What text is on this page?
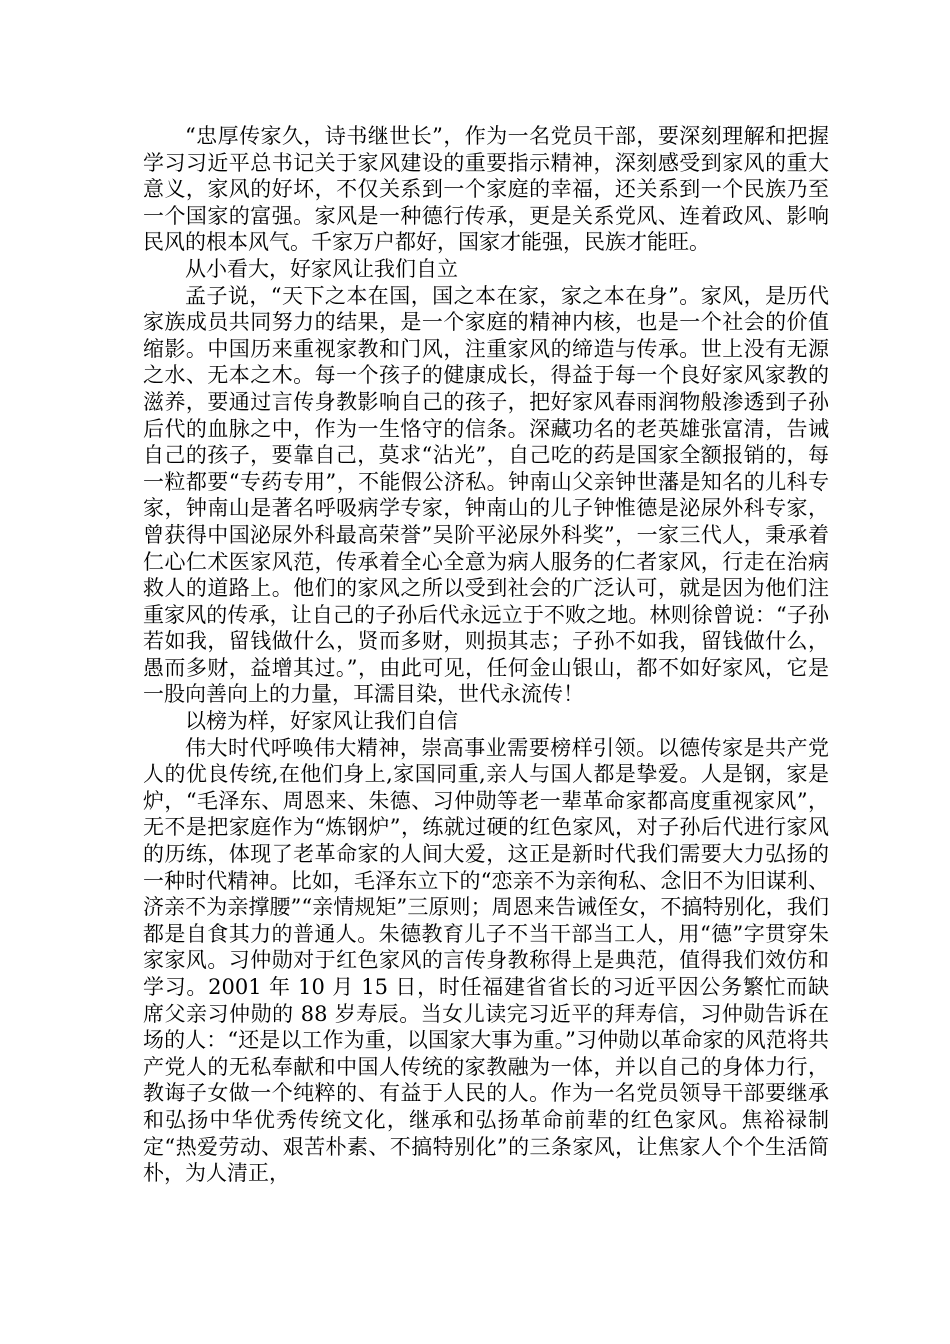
“忠厚传家久，诗书继世长”，作为一名党员干部，要深刻理解和把握学习习近平总书记关于家风建设的重要指示精神，深刻感受到家风的重大意义，家风的好坏，不仅关系到一个家庭的幸福，还关系到一个民族乃至一个国家的富强。家风是一种德行传承，更是关系党风、连着政风、影响民风的根本风气。千家万户都好，国家才能强，民族才能旺。

从小看大，好家风让我们自立

孟子说，“天下之本在国，国之本在家，家之本在身”。家风，是历代家族成员共同努力的结果，是一个家庭的精神内核，也是一个社会的价值缩影。中国历来重视家教和门风，注重家风的缔造与传承。世上没有无源之水、无本之木。每一个孩子的健康成长，得益于每一个良好家风家教的滋养，要通过言传身教影响自己的孩子，把好家风春雨润物般渗透到子孙后代的血脉之中，作为一生恪守的信条。深藏功名的老英雄张富清，告诫自己的孩子，要靠自己，莫求“沾光”，自己吃的药是国家全额报销的，每一粒都要“专药专用”，不能假公济私。钟南山父亲钟世藩是知名的儿科专家，钟南山是著名呼吸病学专家，钟南山的儿子钟惟德是泌尿外科专家，曾获得中国泌尿外科最高荣誉”吴阶平泌尿外科奖”，一家三代人，秉承着仁心仁术医家风范，传承着全心全意为病人服务的仁者家风，行走在治病救人的道路上。他们的家风之所以受到社会的广泛认可，就是因为他们注重家风的传承，让自己的子孙后代永远立于不败之地。林则徐曾说：“子孙若如我，留钱做什么，贤而多财，则损其志；子孙不如我，留钱做什么，愚而多财，益增其过。”，由此可见，任何金山银山，都不如好家风，它是一股向善向上的力量，耳濡目染，世代永流传！

以榜为样，好家风让我们自信

伟大时代呼唤伟大精神，崇高事业需要榜样引领。以德传家是共产党人的优良传统,在他们身上,家国同重,亲人与国人都是挚爱。人是钢，家是炉，“毛泽东、周恩来、朱德、习仲勋等老一辈革命家都高度重视家风”，无不是把家庭作为“炼钢炉”，练就过硬的红色家风，对子孙后代进行家风的历练，体现了老革命家的人间大爱，这正是新时代我们需要大力弘扬的一种时代精神。比如，毛泽东立下的“恋亲不为亲徇私、念旧不为旧谋利、济亲不为亲撑腰”“亲情规矩”三原则；周恩来告诫侄女，不搞特别化，我们都是自食其力的普通人。朱德教育儿子不当干部当工人，用“德”字贯穿朱家家风。习仲勋对于红色家风的言传身教称得上是典范，值得我们效仿和学习。2001 年 10 月 15 日，时任福建省省长的习近平因公务繁忙而缺席父亲习仲勋的 88 岁寿辰。当女儿读完习近平的拜寿信，习仲勋告诉在场的人：“还是以工作为重，以国家大事为重。”习仲勋以革命家的风范将共产党人的无私奉献和中国人传统的家教融为一体，并以自己的身体力行，教诲子女做一个纯粹的、有益于人民的人。作为一名党员领导干部要继承和弘扬中华优秀传统文化，继承和弘扬革命前辈的红色家风。焦裕禄制定“热爱劳动、艰苦朴素、不搞特别化”的三条家风，让焦家人个个生活简朴，为人清正，
